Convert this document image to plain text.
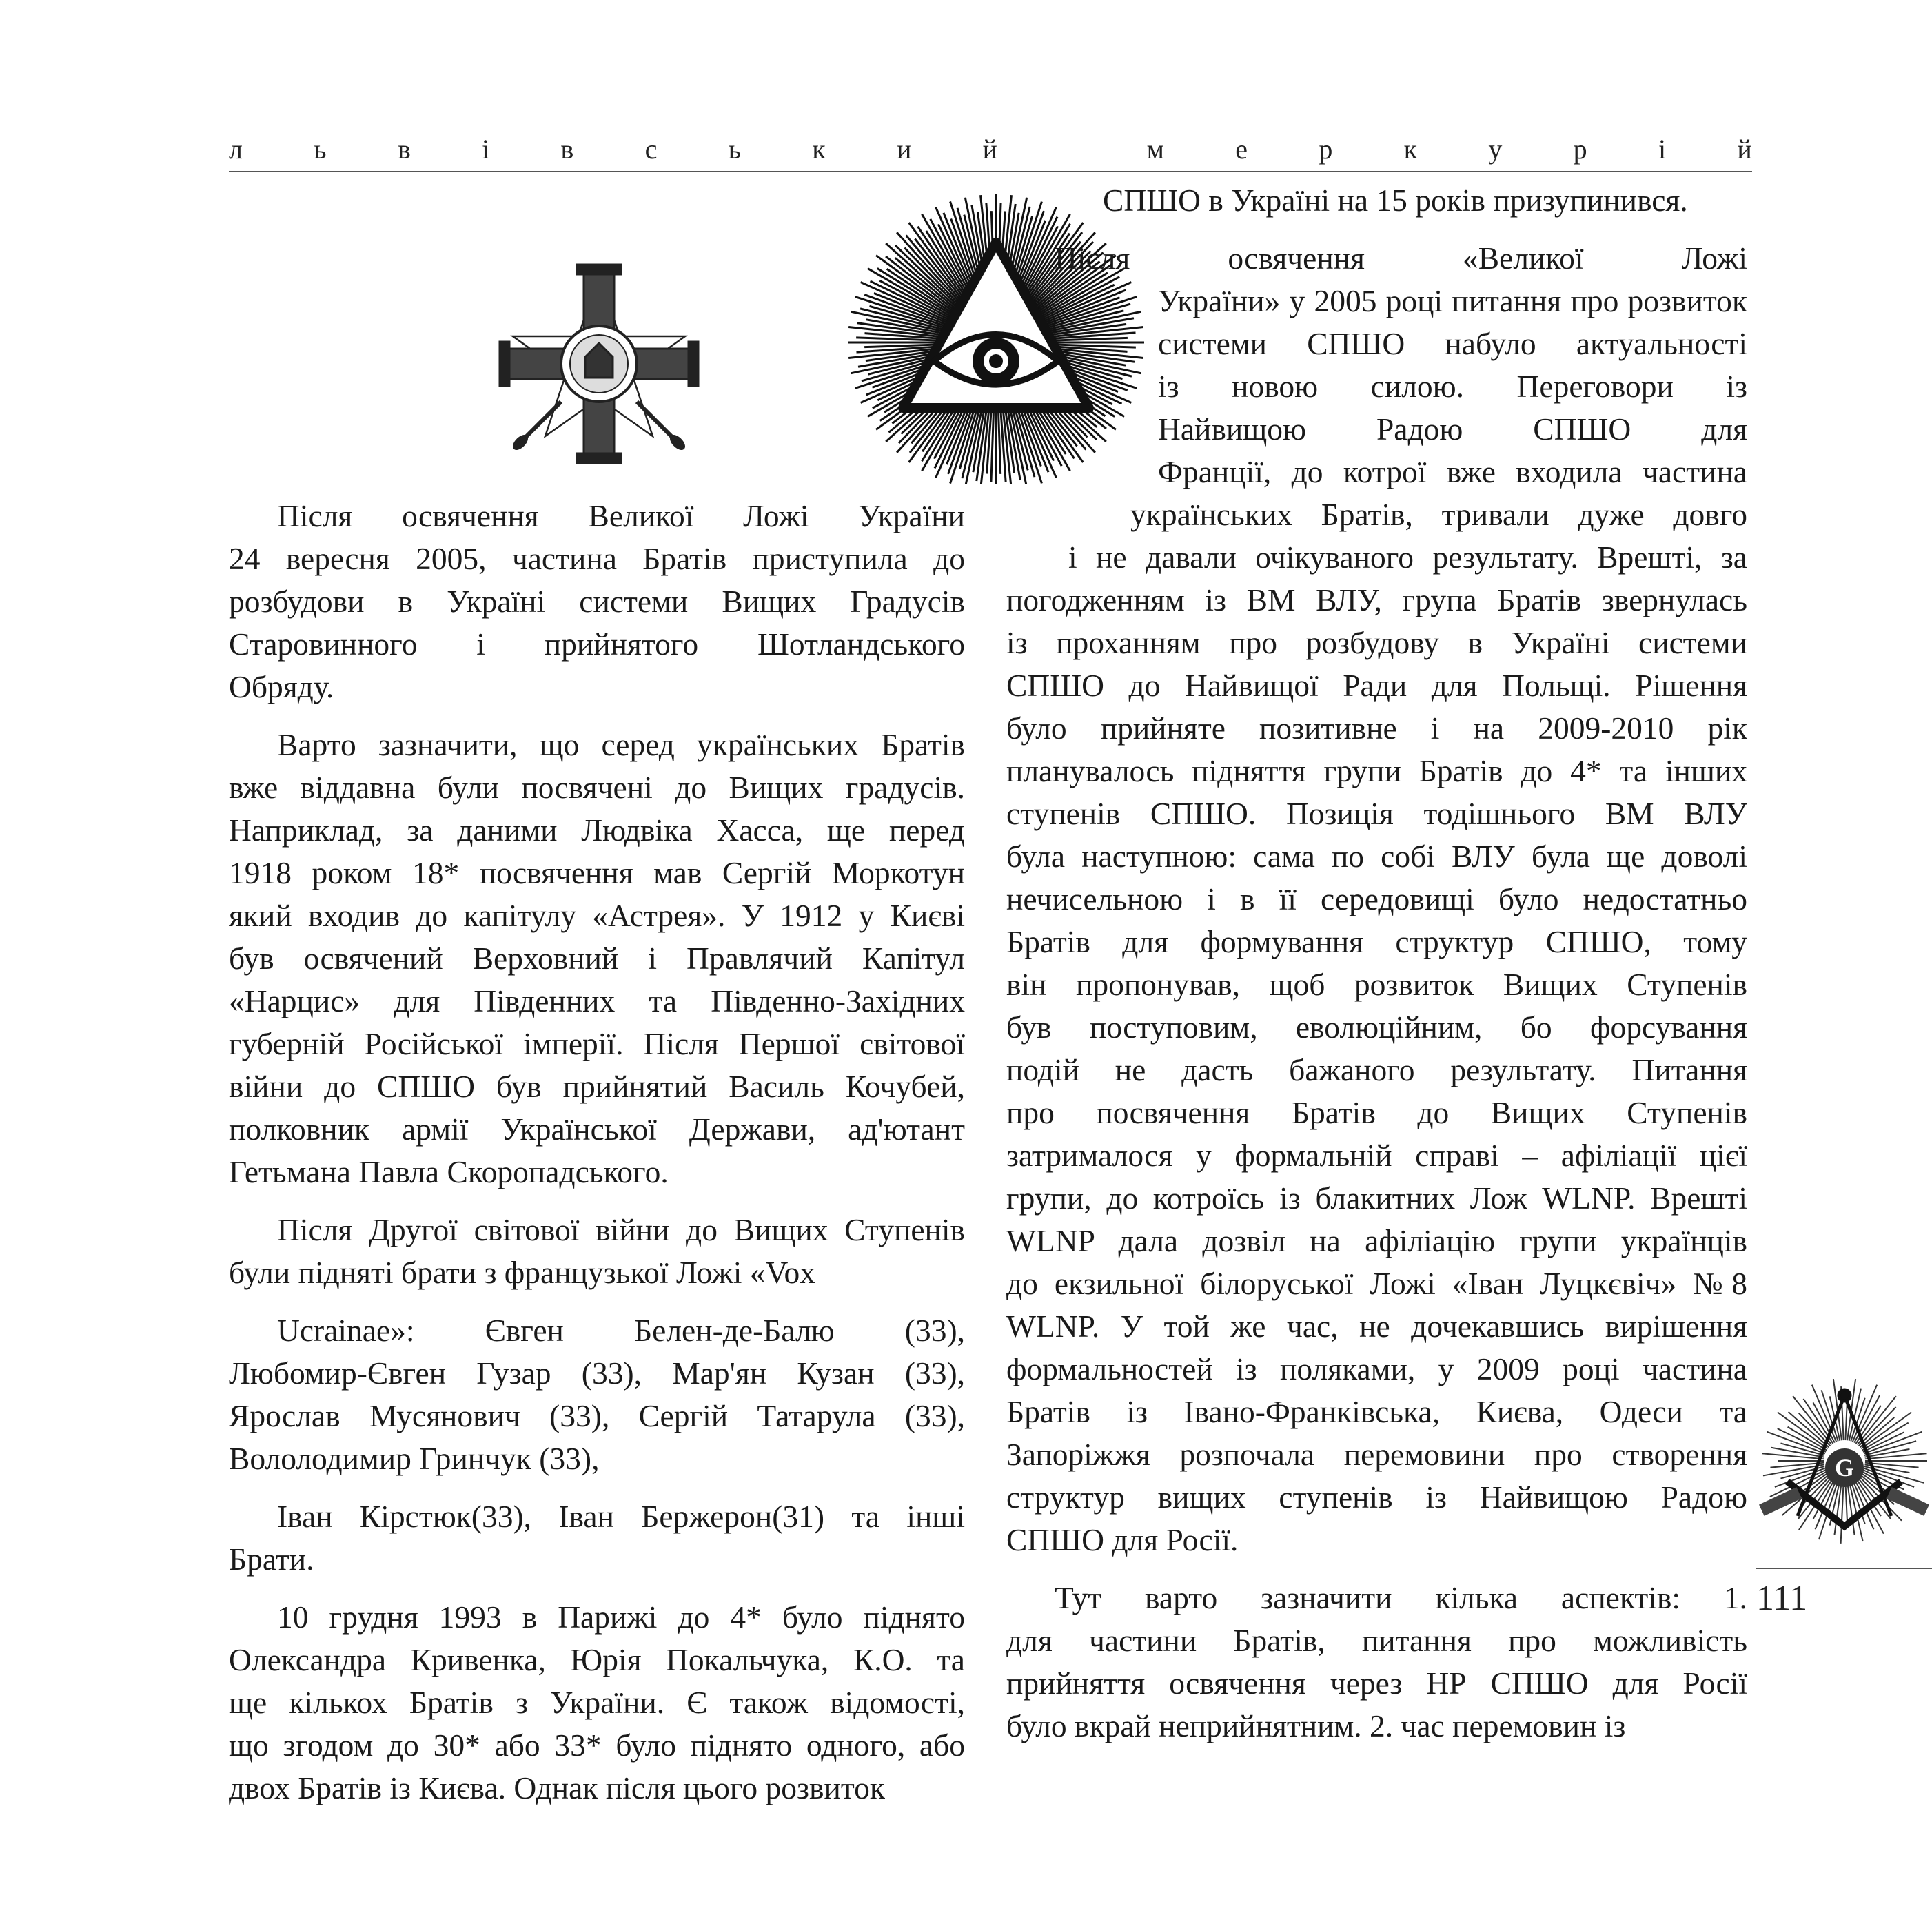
л	ь	в	і	в	с	ь	к	и	й
	м	е	р	к	у	р	і	й
G

Після освячення Великої Ложі України
24 вересня 2005, частина Братів приступила до
розбудови в Україні системи Вищих Градусів
Старовинного і прийнятого Шотландського
Обряду.

Варто зазначити, що серед українських Братів
вже віддавна були посвячені до Вищих градусів.
Наприклад, за даними Людвіка Хасса, ще перед
1918 роком 18* посвячення мав Сергій Моркотун
який входив до капітулу «Астрея». У 1912 у Києві
був освячений Верховний і Правлячий Капітул
«Нарцис» для Південних та Південно-Західних
губерній Російської імперії. Після Першої світової
війни до СПШО був прийнятий Василь Кочубей,
полковник армії Української Держави, ад'ютант
Гетьмана Павла Скоропадського.

Після Другої світової війни до Вищих Ступенів
були підняті брати з французької Ложі «Vox

Ucrainae»: Євген Белен-де-Балю (33),
Любомир-Євген Гузар (33), Мар'ян Кузан (33),
Ярослав Мусянович (33), Сергій Татарула (33),
Вололодимир Гринчук (33),

Іван Кірстюк(33), Іван Бержерон(31) та інші
Брати.

10 грудня 1993 в Парижі до 4* було піднято
Олександра Кривенка, Юрія Покальчука, К.О. та
ще кількох Братів з України. Є також відомості,
що згодом до 30* або 33* було піднято одного, або
двох Братів із Києва. Однак після цього розвиток

СПШО в Україні на 15 років призупинився.

Після освячення «Великої Ложі
України» у 2005 році питання про розвиток
системи СПШО набуло актуальності
із новою силою. Переговори із
Найвищою Радою СПШО для
Франції, до котрої вже входила частина
українських Братів, тривали дуже довго
і не давали очікуваного результату. Врешті, за
погодженням із ВМ ВЛУ, група Братів звернулась
із проханням про розбудову в Україні системи
СПШО до Найвищої Ради для Польщі. Рішення
було прийняте позитивне і на 2009-2010 рік
планувалось підняття групи Братів до 4* та інших
ступенів СПШО. Позиція тодішнього ВМ ВЛУ
була наступною: сама по собі ВЛУ була ще доволі
нечисельною і в її середовищі було недостатньо
Братів для формування структур СПШО, тому
він пропонував, щоб розвиток Вищих Ступенів
був поступовим, еволюційним, бо форсування
подій не дасть бажаного результату. Питання
про посвячення Братів до Вищих Ступенів
затрималося у формальній справі – афіліації цієї
групи, до котроїсь із блакитних Лож WLNP. Врешті
WLNP дала дозвіл на афіліацію групи українців
до екзильної білоруської Ложі «Іван Луцкєвіч» №8
WLNP. У той же час, не дочекавшись вирішення
формальностей із поляками, у 2009 році частина
Братів із Івано-Франківська, Києва, Одеси та
Запоріжжя розпочала перемовини про створення
структур вищих ступенів із Найвищою Радою
СПШО для Росії.

Тут варто зазначити кілька аспектів: 1.
для частини Братів, питання про можливість
прийняття освячення через НР СПШО для Росії
було вкрай неприйнятним. 2. час перемовин із

111
